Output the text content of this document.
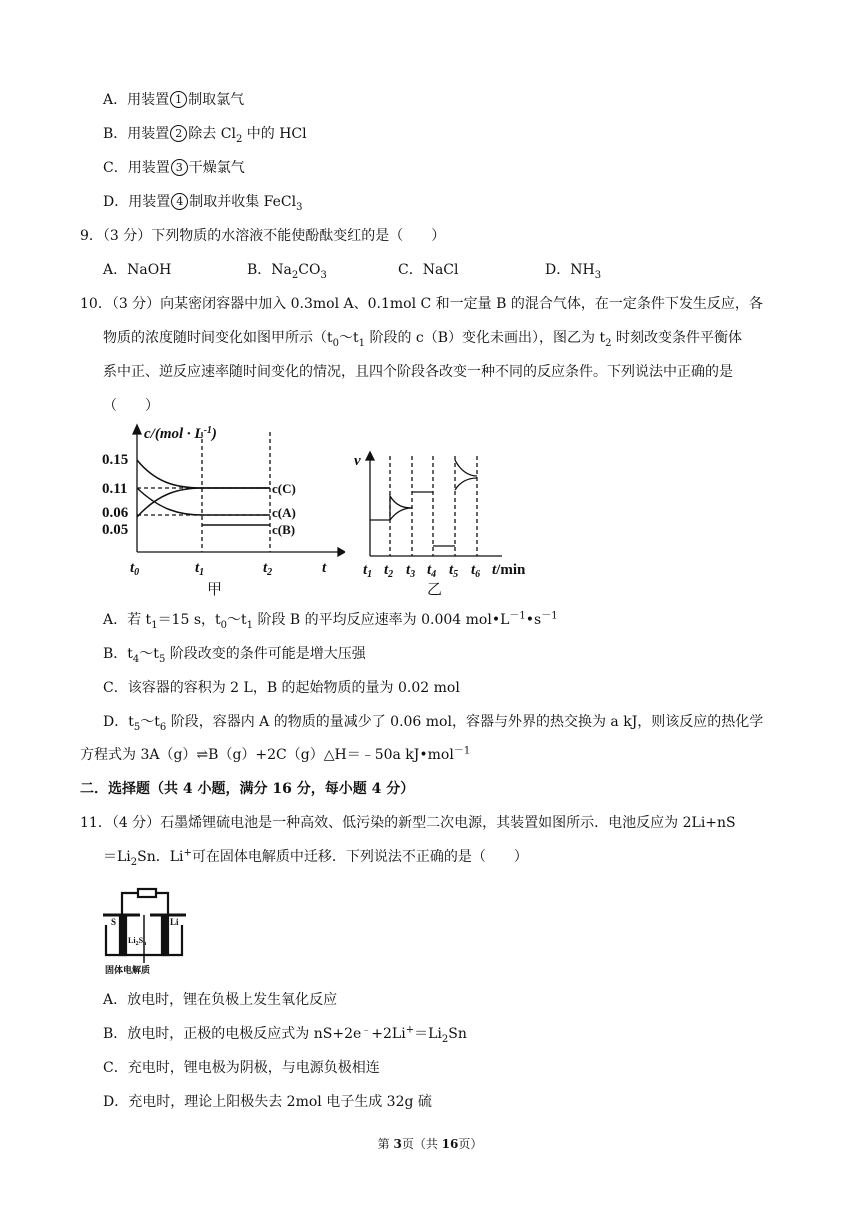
A．用装置 1 制取氯气
B．用装置 2 除去 $Cl_2$ 中的 HCl
C．用装置 3 干燥氯气
D．用装置 4 制取并收集 FeCl$_3$
9．（3 分）下列物质的水溶液不能使酚酞变红的是（　　）
A．NaOH	B．$Na_2CO_3$	C．NaCl	D．$NH_3$
10．（3 分）向某密闭容器中加入 0.3mol A、0.1mol C 和一定量 B 的混合气体，在一定条件下发生反应，各
物质的浓度随时间变化如图甲所示（$t_0\sim t_1$ 阶段的 c（B）变化未画出），图乙为 $t_2$ 时刻改变条件平衡体
系中正、逆反应速率随时间变化的情况，且四个阶段各改变一种不同的反应条件。下列说法中正确的是
（　　）
0.15
0.11
0.06
0.05
$c/(mol \cdot L^{-1})$
c(C)
c(A)
c(B)
$t_0$	$t_1$	$t_2$	t
甲
v
$t_1$ $t_2$ $t_3$ $t_4$ $t_5$ $t_6$ t/min
乙
A．若 $t_1=15$ s，$t_0\sim t_1$ 阶段 B 的平均反应速率为 0.004 $mol•L^{-1}•s^{-1}$
B．$t_4\sim t_5$ 阶段改变的条件可能是增大压强
C．该容器的容积为 2 L，B 的起始物质的量为 0.02 mol
D．$t_5\sim t_6$ 阶段，容器内 A 的物质的量减少了 0.06 mol，容器与外界的热交换为 a kJ，则该反应的热化学
方程式为 3A（g）⇌B（g）+2C（g）△H＝﹣50a kJ•mol$^{-1}$
二．选择题（共 4 小题，满分 16 分，每小题 4 分）
11．（4 分）石墨烯锂硫电池是一种高效、低污染的新型二次电源，其装置如图所示．电池反应为 2Li+nS
$=Li_2Sn$．Li+可在固体电解质中迁移．下列说法不正确的是（　　）
S	Li
$Li_2S_n$
固体电解质
A．放电时，锂在负极上发生氧化反应
B．放电时，正极的电极反应式为 $nS+2e^﹣+2Li^+=Li_2Sn$
C．充电时，锂电极为阴极，与电源负极相连
D．充电时，理论上阳极失去 2mol 电子生成 32g 硫
第 3页（共 16页）
